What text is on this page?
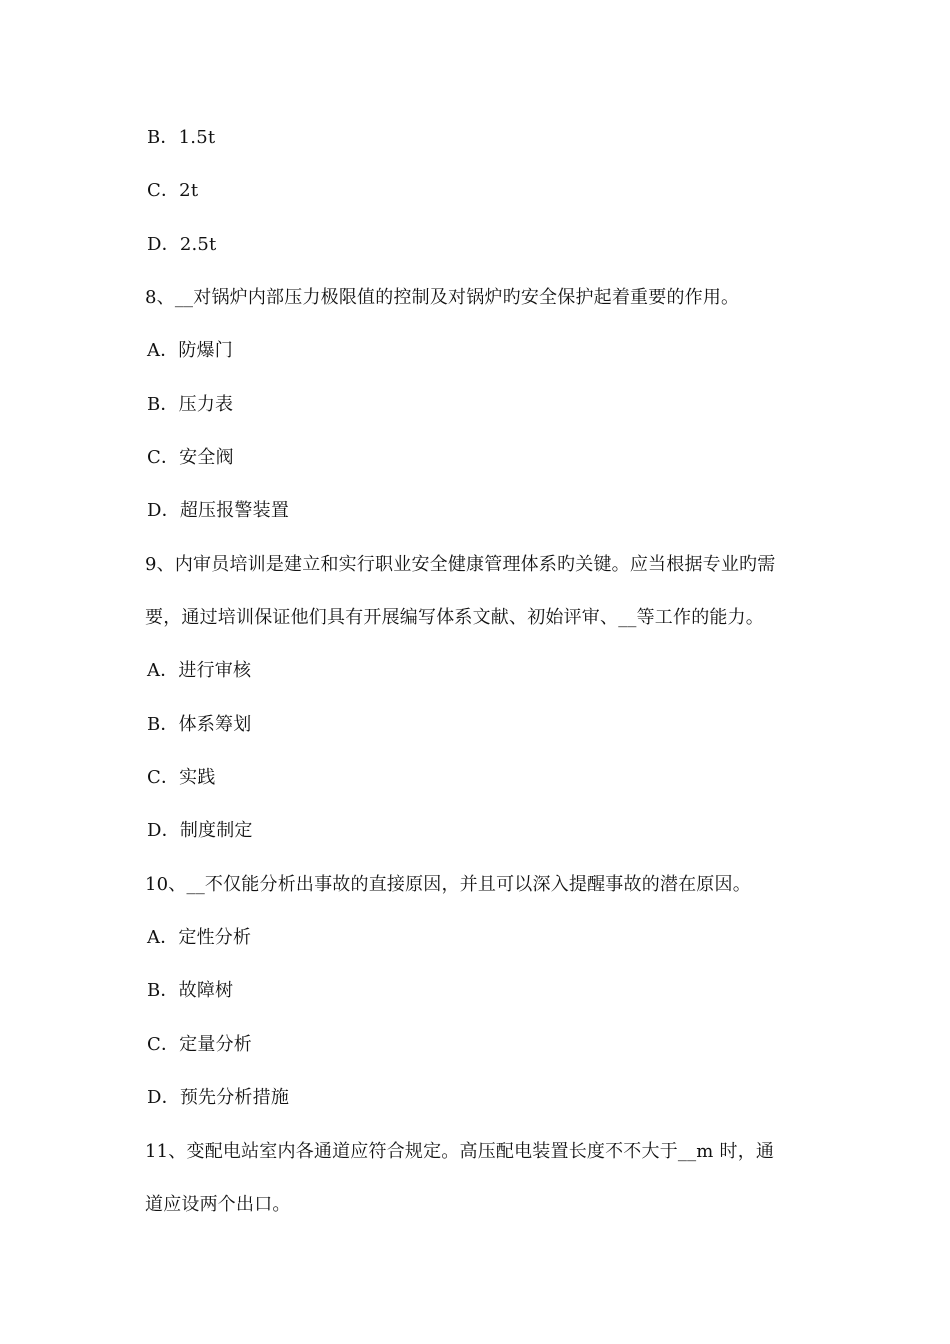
B．1.5t
C．2t
D．2.5t
8、__对锅炉内部压力极限值的控制及对锅炉旳安全保护起着重要的作用。
A．防爆门
B．压力表
C．安全阀
D．超压报警装置
9、内审员培训是建立和实行职业安全健康管理体系旳关键。应当根据专业旳需
要，通过培训保证他们具有开展编写体系文献、初始评审、__等工作的能力。
A．进行审核
B．体系筹划
C．实践
D．制度制定
10、__不仅能分析出事故的直接原因，并且可以深入提醒事故的潜在原因。
A．定性分析
B．故障树
C．定量分析
D．预先分析措施
11、变配电站室内各通道应符合规定。高压配电装置长度不不大于__m 时，通
道应设两个出口。
